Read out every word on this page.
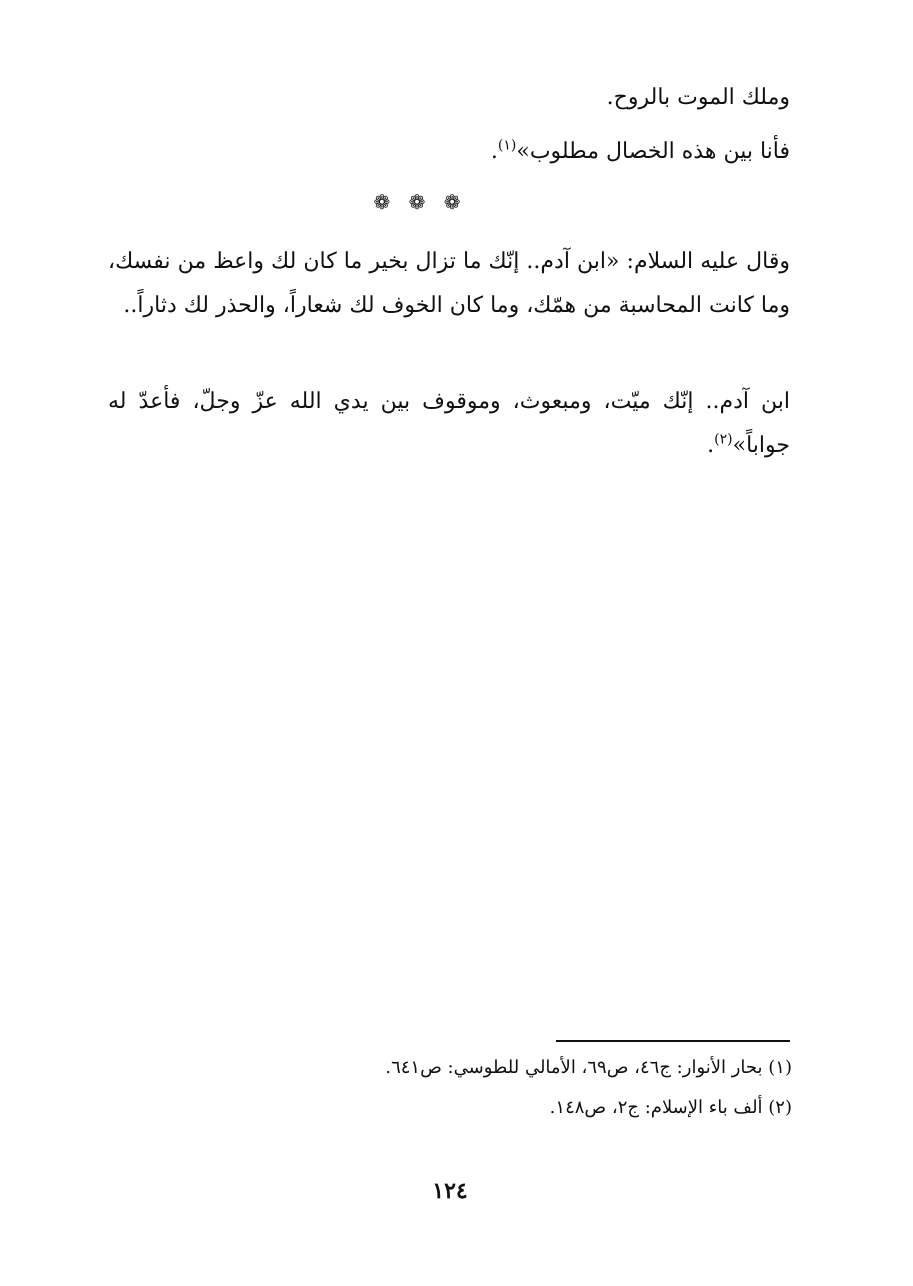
وملك الموت بالروح.
فأنا بين هذه الخصال مطلوب»$^{(١)}$.
❁ ❁ ❁
وقال عليه السلام: «ابن آدم.. إنّك ما تزال بخير ما كان لك واعظ من نفسك، وما كانت المحاسبة من همّك، وما كان الخوف لك شعاراً، والحذر لك دثاراً..
ابن آدم.. إنّك ميّت، ومبعوث، وموقوف بين يدي الله عزّ وجلّ، فأعدّ له جواباً»$^{(٢)}$.

(١) بحار الأنوار: ج٤٦، ص٦٩، الأمالي للطوسي: ص٦٤١.

(٢) ألف باء الإسلام: ج٢، ص١٤٨.

١٢٤
